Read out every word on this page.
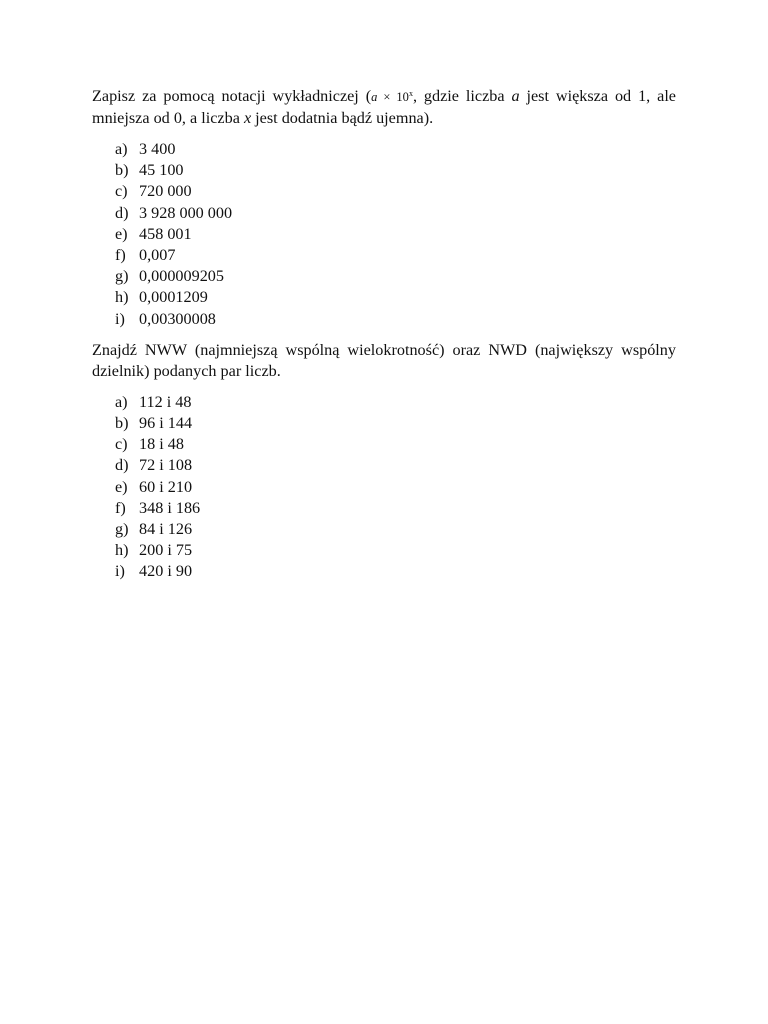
Zapisz za pomocą notacji wykładniczej ($a \times 10^x$, gdzie liczba a jest większa od 1, ale mniejsza od 0, a liczba x jest dodatnia bądź ujemna).

a) 3 400
b) 45 100
c) 720 000
d) 3 928 000 000
e) 458 001
f) 0,007
g) 0,000009205
h) 0,0001209
i) 0,00300008

Znajdź NWW (najmniejszą wspólną wielokrotność) oraz NWD (największy wspólny dzielnik) podanych par liczb.

a) 112 i 48
b) 96 i 144
c) 18 i 48
d) 72 i 108
e) 60 i 210
f) 348 i 186
g) 84 i 126
h) 200 i 75
i) 420 i 90
